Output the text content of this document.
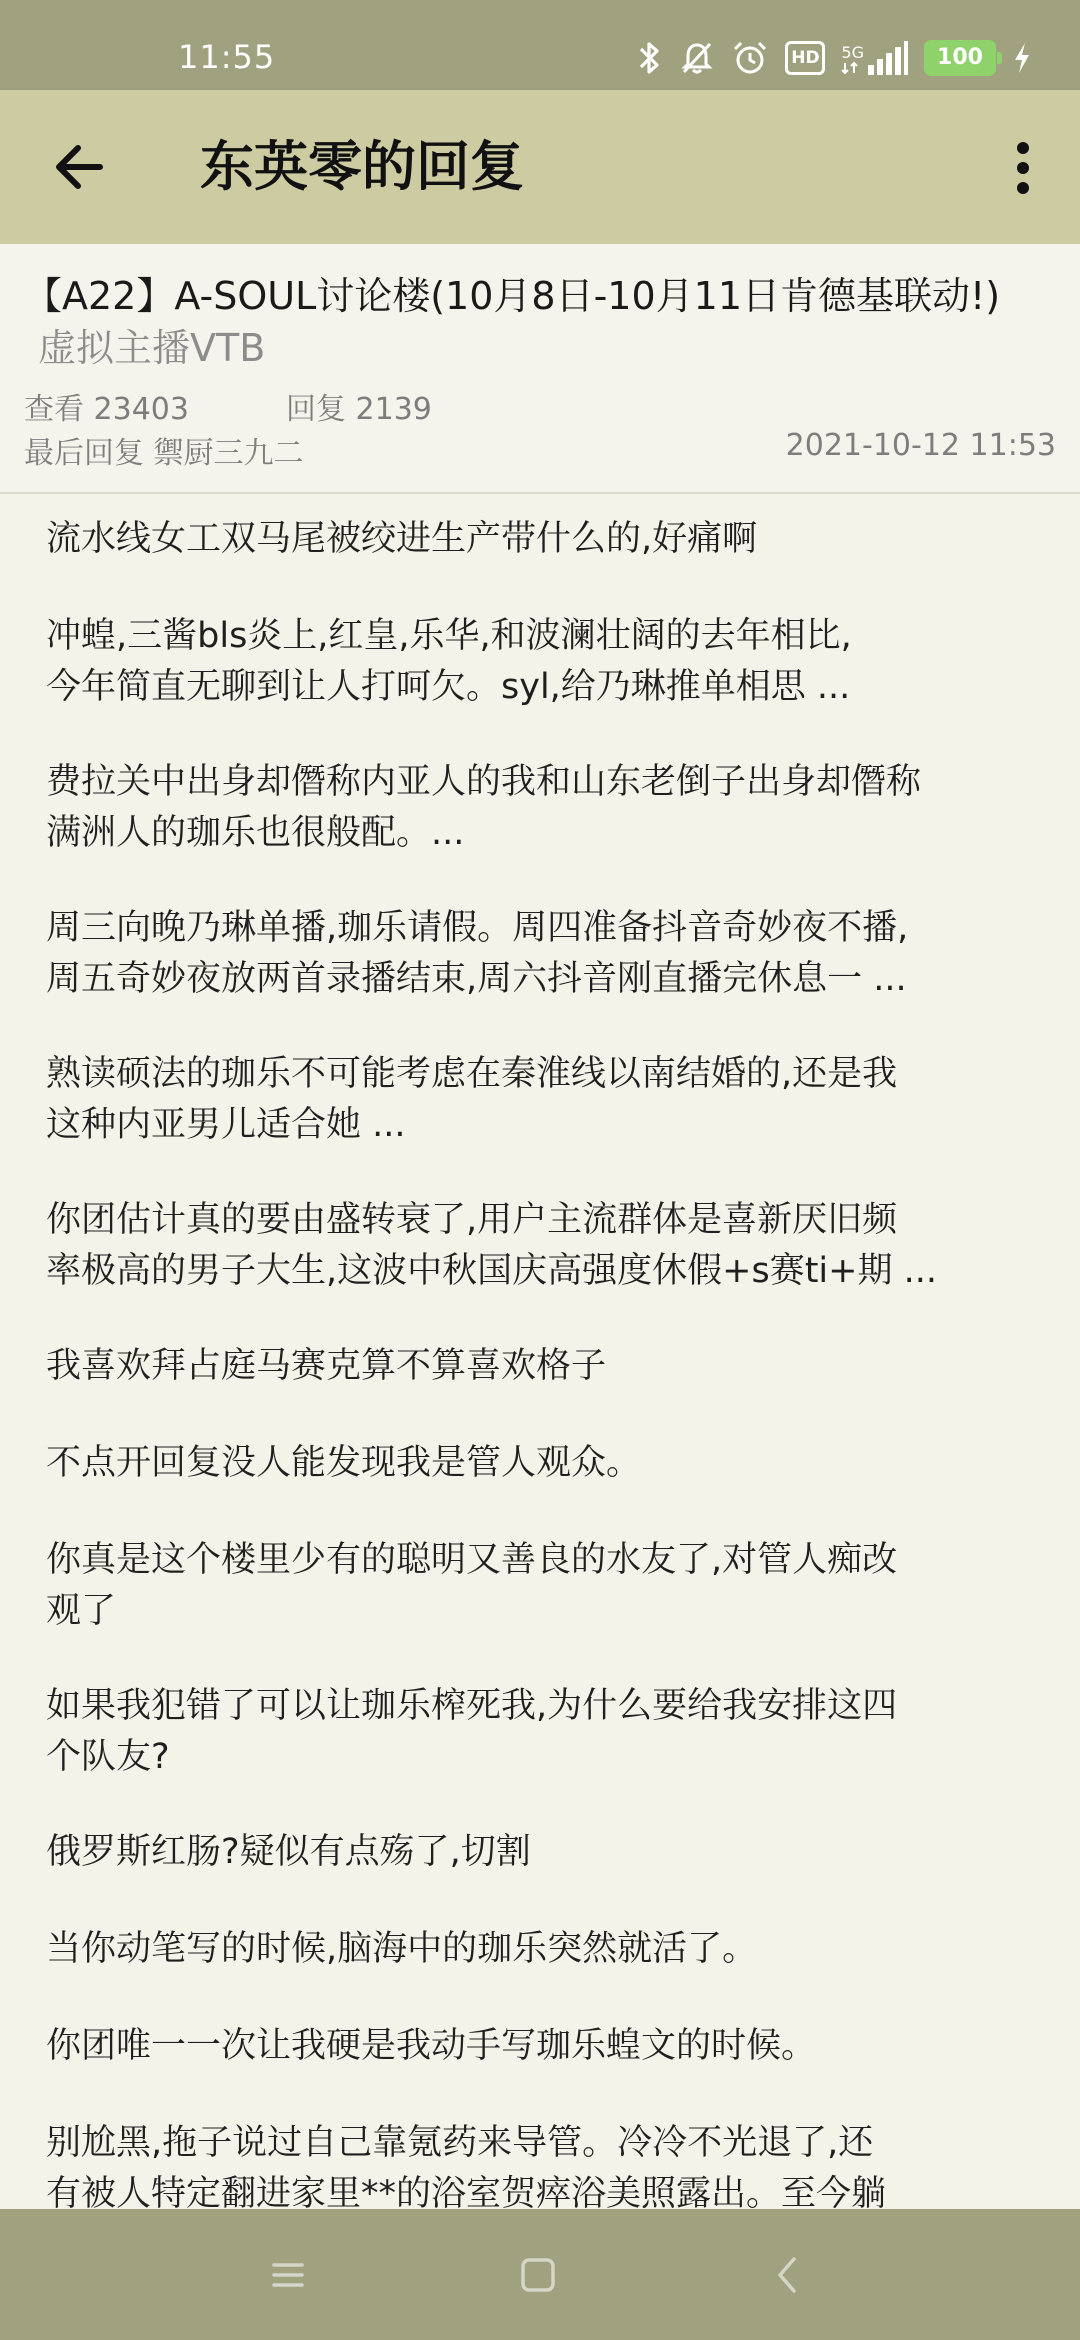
11:55	HD	5G	100
东英零的回复
【A22】A-SOUL讨论楼(10月8日-10月11日肯德基联动!)虚拟主播VTB
查看 23403	回复 2139
最后回复 禦厨三九二	2021-10-12 11:53
流水线女工双马尾被绞进生产带什么的,好痛啊
冲蝗,三酱bls炎上,红皇,乐华,和波澜壮阔的去年相比,
今年简直无聊到让人打呵欠。syl,给乃琳推单相思 ...
费拉关中出身却僭称内亚人的我和山东老倒子出身却僭称
满洲人的珈乐也很般配。...
周三向晚乃琳单播,珈乐请假。周四准备抖音奇妙夜不播,
周五奇妙夜放两首录播结束,周六抖音刚直播完休息一 ...
熟读硕法的珈乐不可能考虑在秦淮线以南结婚的,还是我
这种内亚男儿适合她 ...
你团估计真的要由盛转衰了,用户主流群体是喜新厌旧频
率极高的男子大生,这波中秋国庆高强度休假+s赛ti+期 ...
我喜欢拜占庭马赛克算不算喜欢格子
不点开回复没人能发现我是管人观众。
你真是这个楼里少有的聪明又善良的水友了,对管人痴改
观了
如果我犯错了可以让珈乐榨死我,为什么要给我安排这四
个队友?
俄罗斯红肠?疑似有点殇了,切割
当你动笔写的时候,脑海中的珈乐突然就活了。
你团唯一一次让我硬是我动手写珈乐蝗文的时候。
别尬黑,拖子说过自己靠氪药来导管。冷冷不光退了,还
有被人特定翻进家里**的浴室贺瘁浴美照露出。至今躺
